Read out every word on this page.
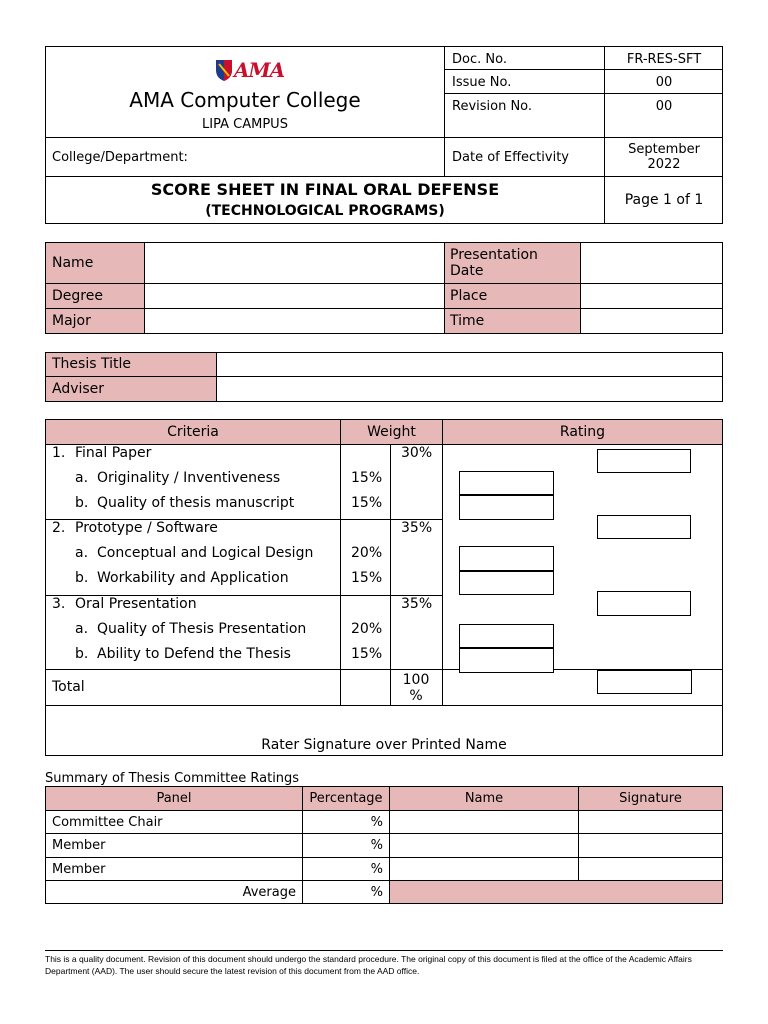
AMA
AMA Computer College
LIPA CAMPUS
Doc. No.	FR-RES-SFT
Issue No.	00
Revision No.	00
College/Department:	Date of Effectivity	September 2022
SCORE SHEET IN FINAL ORAL DEFENSE
(TECHNOLOGICAL PROGRAMS)
Page 1 of 1
Name	Presentation Date
Degree	Place
Major	Time
Thesis Title
Adviser
Criteria	Weight	Rating
1. Final Paper	30%
a. Originality / Inventiveness	15%
b. Quality of thesis manuscript	15%
2. Prototype / Software	35%
a. Conceptual and Logical Design	20%
b. Workability and Application	15%
3. Oral Presentation	35%
a. Quality of Thesis Presentation	20%
b. Ability to Defend the Thesis	15%
Total	100 %
Rater Signature over Printed Name
Summary of Thesis Committee Ratings
Panel	Percentage	Name	Signature
Committee Chair	%
Member	%
Member	%
Average	%
This is a quality document. Revision of this document should undergo the standard procedure. The original copy of this document is filed at the office of the Academic Affairs Department (AAD). The user should secure the latest revision of this document from the AAD office.
